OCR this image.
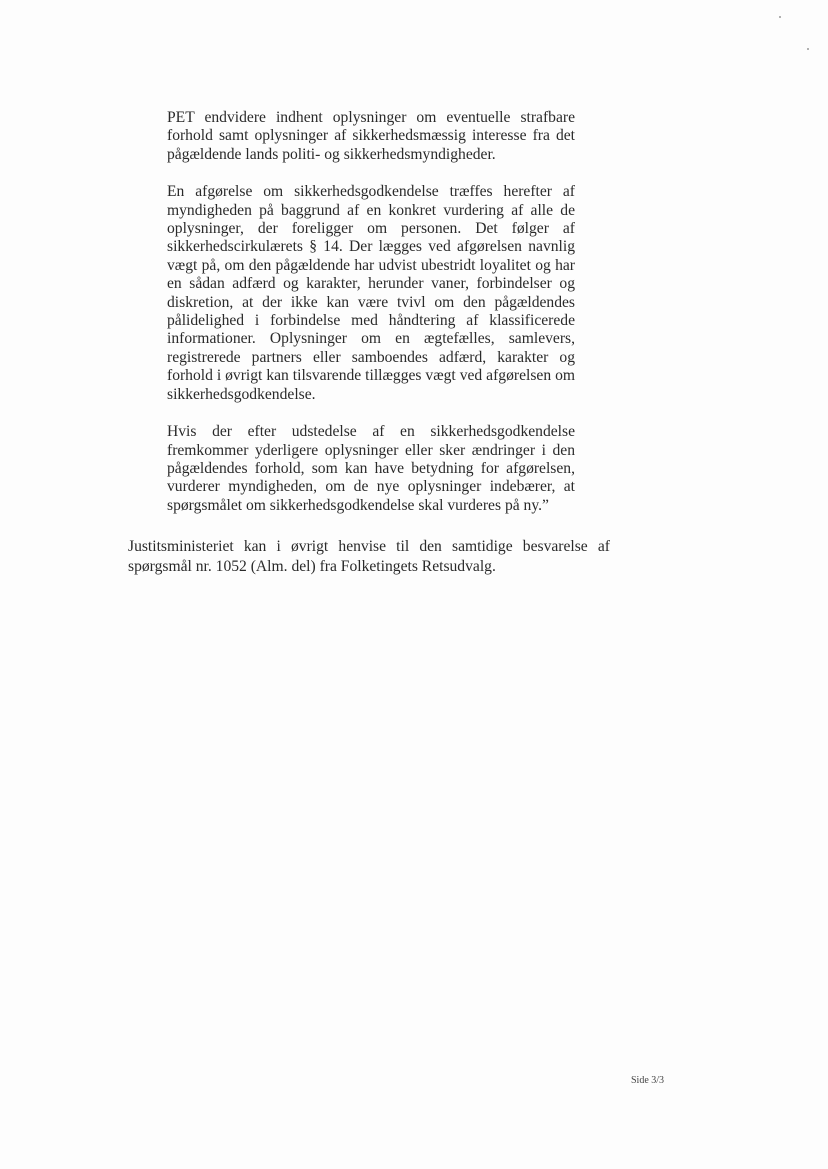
PET endvidere indhent oplysninger om eventuelle strafbare forhold samt oplysninger af sikkerhedsmæssig interesse fra det pågældende lands politi- og sikkerhedsmyndigheder.

En afgørelse om sikkerhedsgodkendelse træffes herefter af myndigheden på baggrund af en konkret vurdering af alle de oplysninger, der foreligger om personen. Det følger af sikkerhedscirkulærets § 14. Der lægges ved afgørelsen navnlig vægt på, om den pågældende har udvist ubestridt loyalitet og har en sådan adfærd og karakter, herunder vaner, forbindelser og diskretion, at der ikke kan være tvivl om den pågældendes pålidelighed i forbindelse med håndtering af klassificerede informationer. Oplysninger om en ægtefælles, samlevers, registrerede partners eller samboendes adfærd, karakter og forhold i øvrigt kan tilsvarende tillægges vægt ved afgørelsen om sikkerhedsgodkendelse.

Hvis der efter udstedelse af en sikkerhedsgodkendelse fremkommer yderligere oplysninger eller sker ændringer i den pågældendes forhold, som kan have betydning for afgørelsen, vurderer myndigheden, om de nye oplysninger indebærer, at spørgsmålet om sikkerhedsgodkendelse skal vurderes på ny.”

Justitsministeriet kan i øvrigt henvise til den samtidige besvarelse af spørgsmål nr. 1052 (Alm. del) fra Folketingets Retsudvalg.

Side 3/3
